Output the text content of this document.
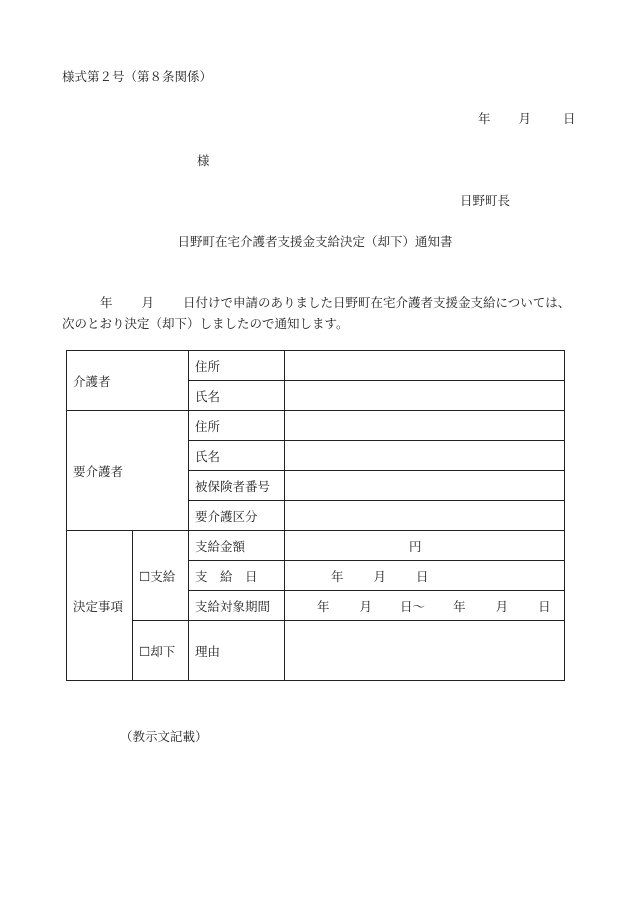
様式第２号（第８条関係）
年 月	日
様
日野町長
日野町在宅介護者支援金支給決定（却下）通知書
年 月 日付けで申請のありました日野町在宅介護者支援金支給については、次のとおり決定（却下）しましたので通知します。
介護者		住所	
		氏名	
要介護者		住所	
		氏名	
		被保険者番号	
		要介護区分	
決定事項	☐支給	支給金額	円
		支　給　日	年 月 日
		支給対象期間	年 月 日～ 年 月 日
	☐却下	理由	
（教示文記載）
